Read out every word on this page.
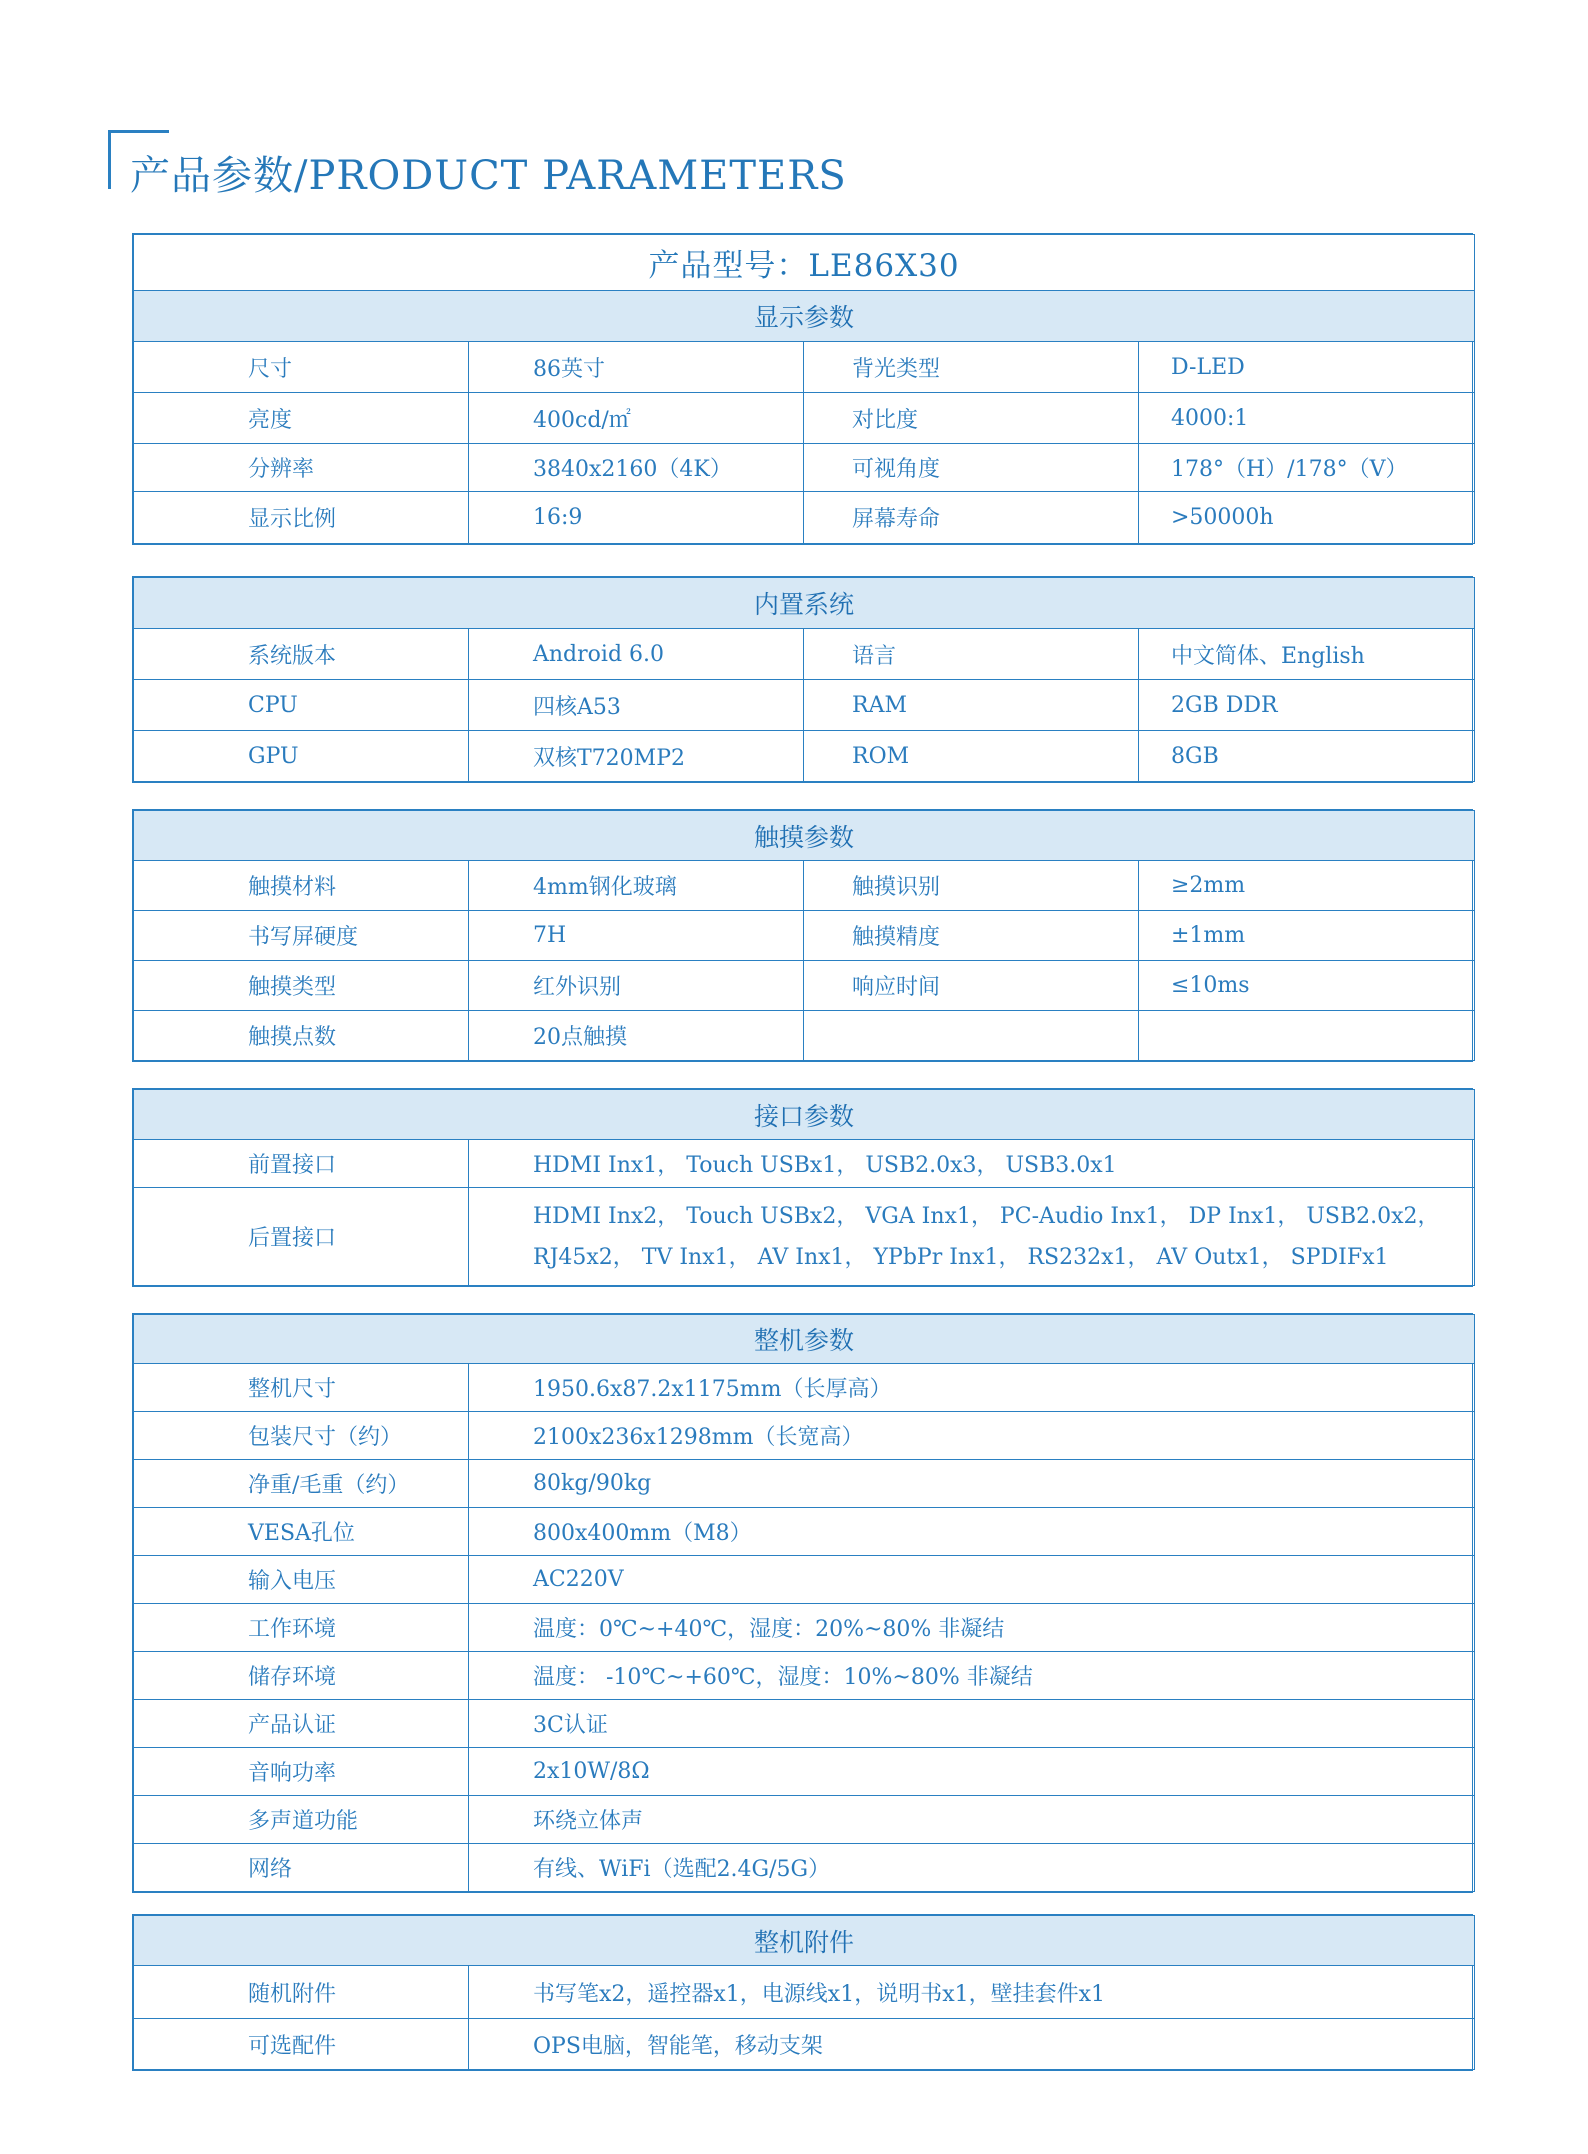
产品参数/PRODUCT PARAMETERS
产品型号：LE86X30			
显示参数			
尺寸	86英寸	背光类型	D-LED
亮度	400cd/㎡	对比度	4000:1
分辨率	3840x2160（4K）	可视角度	178°（H）/178°（V）
显示比例	16:9	屏幕寿命	>50000h
内置系统			
系统版本	Android 6.0	语言	中文简体、English
CPU	四核A53	RAM	2GB DDR
GPU	双核T720MP2	ROM	8GB
触摸参数			
触摸材料	4mm钢化玻璃	触摸识别	≥2mm
书写屏硬度	7H	触摸精度	±1mm
触摸类型	红外识别	响应时间	≤10ms
触摸点数	20点触摸		
接口参数	
前置接口	HDMI Inx1， Touch USBx1， USB2.0x3， USB3.0x1
后置接口	HDMI Inx2， Touch USBx2， VGA Inx1， PC-Audio Inx1， DP Inx1， USB2.0x2，
RJ45x2， TV Inx1， AV Inx1， YPbPr Inx1， RS232x1， AV Outx1， SPDIFx1
整机参数	
整机尺寸	1950.6x87.2x1175mm（长厚高）
包装尺寸（约）	2100x236x1298mm（长宽高）
净重/毛重（约）	80kg/90kg
VESA孔位	800x400mm（M8）
输入电压	AC220V
工作环境	温度：0℃~+40℃，湿度：20%~80% 非凝结
储存环境	温度： -10℃~+60℃，湿度：10%~80% 非凝结
产品认证	3C认证
音响功率	2x10W/8Ω
多声道功能	环绕立体声
网络	有线、WiFi（选配2.4G/5G）
整机附件	
随机附件	书写笔x2，遥控器x1，电源线x1，说明书x1，壁挂套件x1
可选配件	OPS电脑，智能笔，移动支架
